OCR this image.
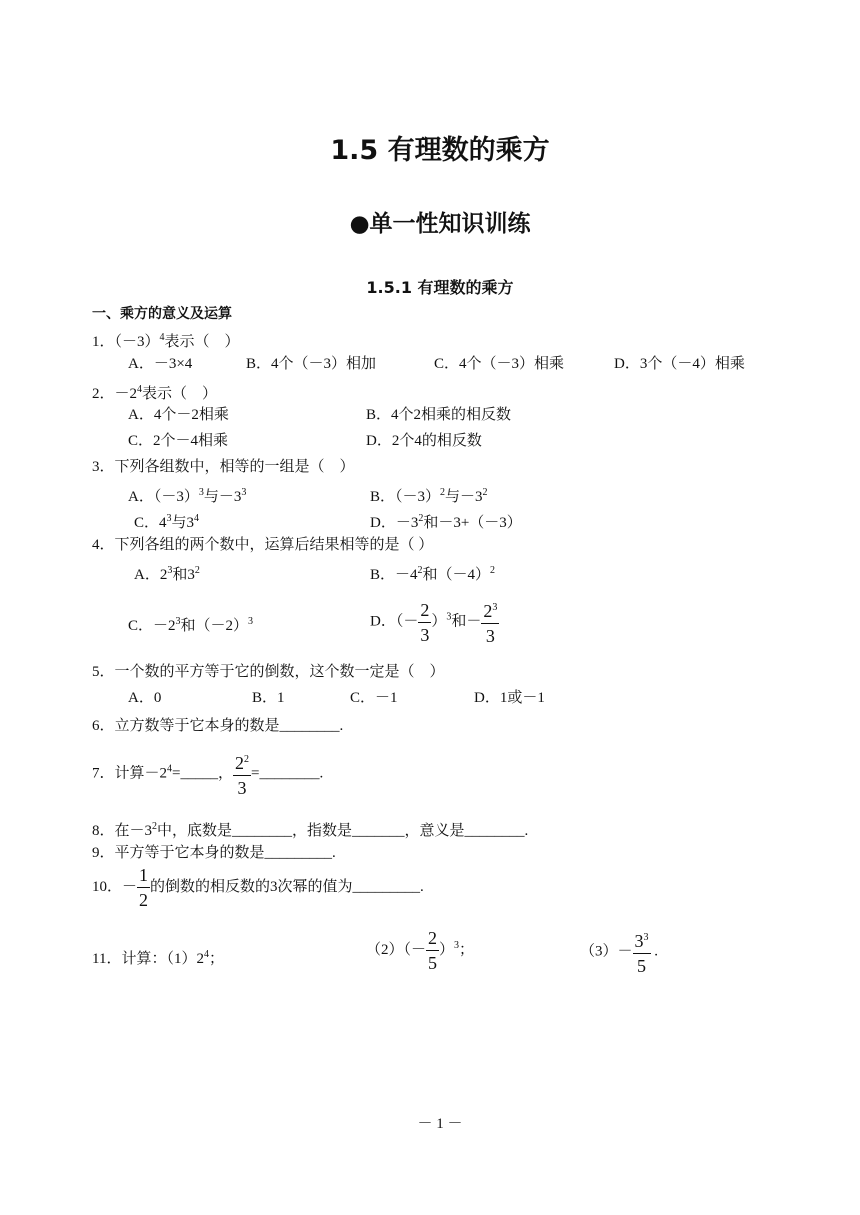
1.5 有理数的乘方
●单一性知识训练
1.5.1 有理数的乘方
一、乘方的意义及运算
1．$(-3)^4$表示（　）
A．－3×4	B．4个（－3）相加	C．4个（－3）相乘	D．3个（－4）相乘
2．$-2^4$表示（　）
A．4个－2相乘	B．4个2相乘的相反数
C．2个－4相乘	D．2个4的相反数
3．下列各组数中，相等的一组是（　）
A．$(-3)^3$与$-3^3$	B．$(-3)^2$与$-3^2$
C．$4^3$与$3^4$	D．$-3^2$和－3+（－3）
4．下列各组的两个数中，运算后结果相等的是（ ）
A．$2^3$和$3^2$	B．$-4^2$和$(-4)^2$
C．$-2^3$和$(-2)^3$	D．（－ $\frac{2}{3} )^3$和－ $\frac{2^3}{3}$
5．一个数的平方等于它的倒数，这个数一定是（　）
A．0	B．1	C．－1	D．1或－1
6．立方数等于它本身的数是________.
7．计算$-2^4=\_\_\_\_\_$， $\frac{2^2}{3}$ =________.
8．在$-3^2$中，底数是________，指数是_______，意义是________.
9．平方等于它本身的数是_________.
10．－ $\frac{1}{2}$ 的倒数的相反数的3次幂的值为_________.
11．计算：$(1)2^4$；
$(2)(- \frac{2}{5} )^3$；	$(3)- \frac{3^3}{5}$ .
－ 1 －
